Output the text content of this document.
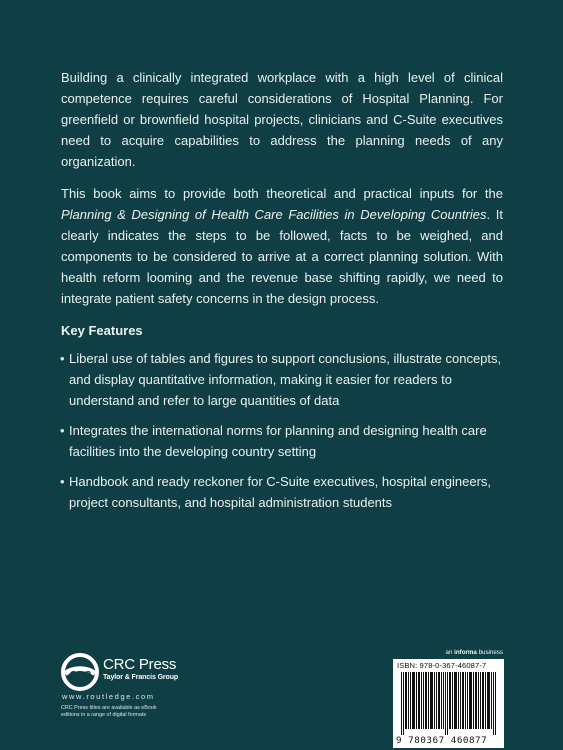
Building a clinically integrated workplace with a high level of clinical competence requires careful considerations of Hospital Planning. For greenfield or brownfield hospital projects, clinicians and C-Suite executives need to acquire capabilities to address the planning needs of any organization.

This book aims to provide both theoretical and practical inputs for the Planning & Designing of Health Care Facilities in Developing Countries. It clearly indicates the steps to be followed, facts to be weighed, and components to be considered to arrive at a correct planning solution. With health reform looming and the revenue base shifting rapidly, we need to integrate patient safety concerns in the design process.

Key Features
• Liberal use of tables and figures to support conclusions, illustrate concepts, and display quantitative information, making it easier for readers to understand and refer to large quantities of data
• Integrates the international norms for planning and designing health care facilities into the developing country setting
• Handbook and ready reckoner for C-Suite executives, hospital engineers, project consultants, and hospital administration students
CRC
CRC Press
Taylor & Francis Group
www.routledge.com
CRC Press titles are available as eBook editions in a range of digital formats
an informa business
ISBN: 978-0-367-46087-7
9 780367 460877
